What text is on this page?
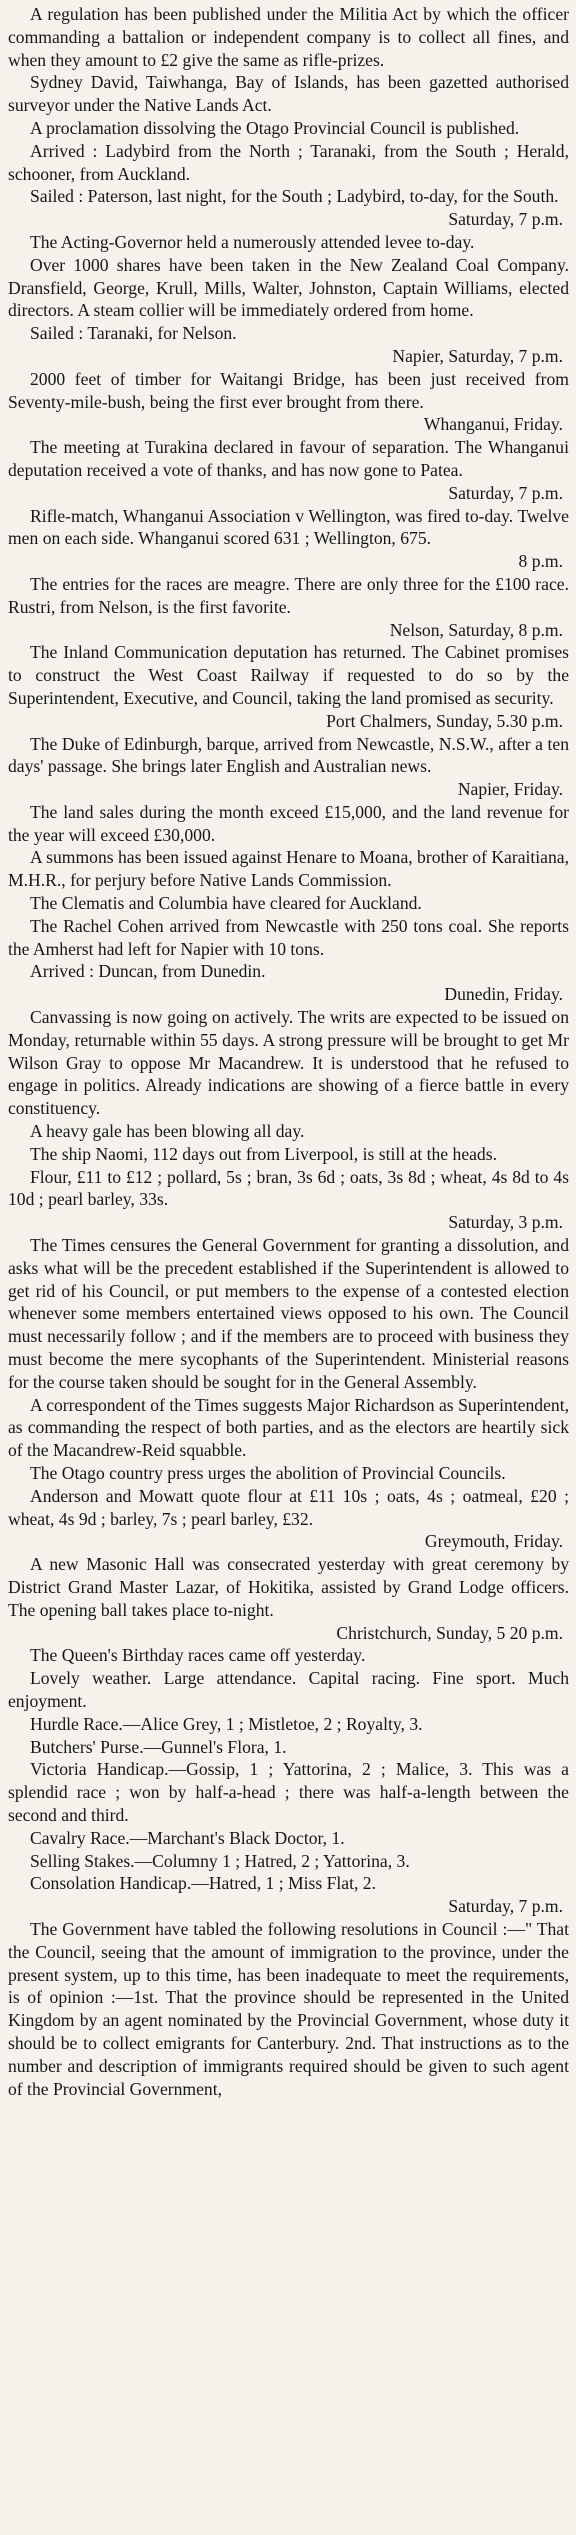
A regulation has been published under the Militia Act by which the officer commanding a battalion or independent company is to collect all fines, and when they amount to £2 give the same as rifle-prizes.

Sydney David, Taiwhanga, Bay of Islands, has been gazetted authorised surveyor under the Native Lands Act.

A proclamation dissolving the Otago Provincial Council is published.

Arrived : Ladybird from the North ; Taranaki, from the South ; Herald, schooner, from Auckland.

Sailed : Paterson, last night, for the South ; Ladybird, to-day, for the South.

Saturday, 7 p.m.

The Acting-Governor held a numerously attended levee to-day.

Over 1000 shares have been taken in the New Zealand Coal Company. Dransfield, George, Krull, Mills, Walter, Johnston, Captain Williams, elected directors. A steam collier will be immediately ordered from home.

Sailed : Taranaki, for Nelson.

Napier, Saturday, 7 p.m.

2000 feet of timber for Waitangi Bridge, has been just received from Seventy-mile-bush, being the first ever brought from there.

Whanganui, Friday.

The meeting at Turakina declared in favour of separation. The Whanganui deputation received a vote of thanks, and has now gone to Patea.

Saturday, 7 p.m.

Rifle-match, Whanganui Association v Wellington, was fired to-day. Twelve men on each side. Whanganui scored 631 ; Wellington, 675.

8 p.m.

The entries for the races are meagre. There are only three for the £100 race. Rustri, from Nelson, is the first favorite.

Nelson, Saturday, 8 p.m.

The Inland Communication deputation has returned. The Cabinet promises to construct the West Coast Railway if requested to do so by the Superintendent, Executive, and Council, taking the land promised as security.

Port Chalmers, Sunday, 5.30 p.m.

The Duke of Edinburgh, barque, arrived from Newcastle, N.S.W., after a ten days' passage. She brings later English and Australian news.

Napier, Friday.

The land sales during the month exceed £15,000, and the land revenue for the year will exceed £30,000.

A summons has been issued against Henare to Moana, brother of Karaitiana, M.H.R., for perjury before Native Lands Commission.

The Clematis and Columbia have cleared for Auckland.

The Rachel Cohen arrived from Newcastle with 250 tons coal. She reports the Amherst had left for Napier with 10 tons.

Arrived : Duncan, from Dunedin.

Dunedin, Friday.

Canvassing is now going on actively. The writs are expected to be issued on Monday, returnable within 55 days. A strong pressure will be brought to get Mr Wilson Gray to oppose Mr Macandrew. It is understood that he refused to engage in politics. Already indications are showing of a fierce battle in every constituency.

A heavy gale has been blowing all day.

The ship Naomi, 112 days out from Liverpool, is still at the heads.

Flour, £11 to £12 ; pollard, 5s ; bran, 3s 6d ; oats, 3s 8d ; wheat, 4s 8d to 4s 10d ; pearl barley, 33s.

Saturday, 3 p.m.

The Times censures the General Government for granting a dissolution, and asks what will be the precedent established if the Superintendent is allowed to get rid of his Council, or put members to the expense of a contested election whenever some members entertained views opposed to his own. The Council must necessarily follow ; and if the members are to proceed with business they must become the mere sycophants of the Superintendent. Ministerial reasons for the course taken should be sought for in the General Assembly.

A correspondent of the Times suggests Major Richardson as Superintendent, as commanding the respect of both parties, and as the electors are heartily sick of the Macandrew-Reid squabble.

The Otago country press urges the abolition of Provincial Councils.

Anderson and Mowatt quote flour at £11 10s ; oats, 4s ; oatmeal, £20 ; wheat, 4s 9d ; barley, 7s ; pearl barley, £32.

Greymouth, Friday.

A new Masonic Hall was consecrated yesterday with great ceremony by District Grand Master Lazar, of Hokitika, assisted by Grand Lodge officers. The opening ball takes place to-night.

Christchurch, Sunday, 5 20 p.m.

The Queen's Birthday races came off yesterday.

Lovely weather. Large attendance. Capital racing. Fine sport. Much enjoyment.

Hurdle Race.—Alice Grey, 1 ; Mistletoe, 2 ; Royalty, 3.

Butchers' Purse.—Gunnel's Flora, 1.

Victoria Handicap.—Gossip, 1 ; Yattorina, 2 ; Malice, 3. This was a splendid race ; won by half-a-head ; there was half-a-length between the second and third.

Cavalry Race.—Marchant's Black Doctor, 1.

Selling Stakes.—Columny 1 ; Hatred, 2 ; Yattorina, 3.

Consolation Handicap.—Hatred, 1 ; Miss Flat, 2.

Saturday, 7 p.m.

The Government have tabled the following resolutions in Council :—" That the Council, seeing that the amount of immigration to the province, under the present system, up to this time, has been inadequate to meet the requirements, is of opinion :—1st. That the province should be represented in the United Kingdom by an agent nominated by the Provincial Government, whose duty it should be to collect emigrants for Canterbury. 2nd. That instructions as to the number and description of immigrants required should be given to such agent of the Provincial Government,
